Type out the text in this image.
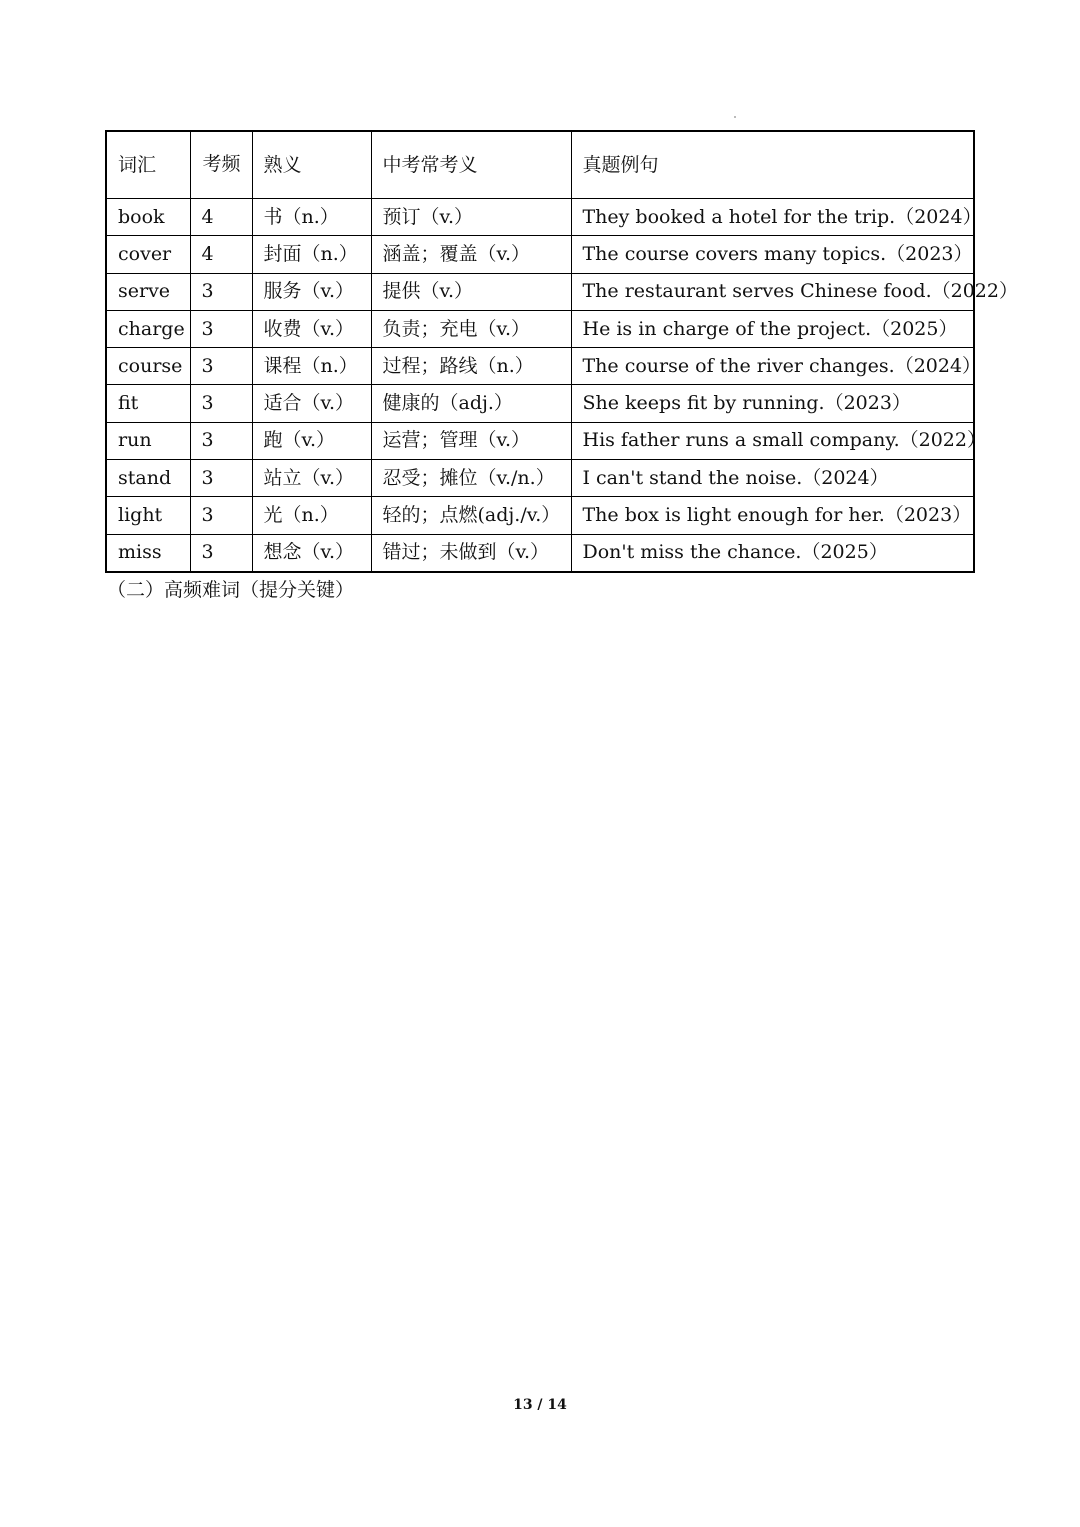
词汇	考频	熟义	中考常考义	真题例句
book	4	书（n.）	预订（v.）	They booked a hotel for the trip.（2024）
cover	4	封面（n.）	涵盖；覆盖（v.）	The course covers many topics.（2023）
serve	3	服务（v.）	提供（v.）	The restaurant serves Chinese food.（2022）
charge	3	收费（v.）	负责；充电（v.）	He is in charge of the project.（2025）
course	3	课程（n.）	过程；路线（n.）	The course of the river changes.（2024）
fit	3	适合（v.）	健康的（adj.）	She keeps fit by running.（2023）
run	3	跑（v.）	运营；管理（v.）	His father runs a small company.（2022）
stand	3	站立（v.）	忍受；摊位（v./n.）	I can't stand the noise.（2024）
light	3	光（n.）	轻的；点燃(adj./v.）	The box is light enough for her.（2023）
miss	3	想念（v.）	错过；未做到（v.）	Don't miss the chance.（2025）

（二）高频难词（提分关键）

13 / 14
